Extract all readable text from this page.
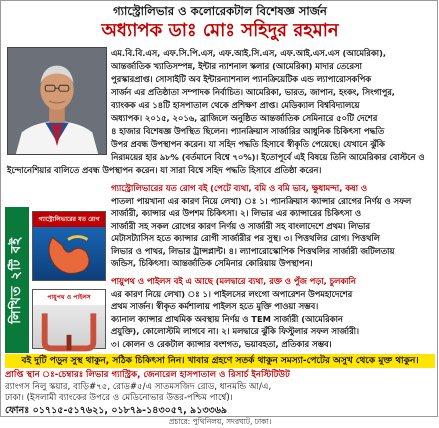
গ্যাস্ট্রোলিভার ও কলোরেকটাল বিশেষজ্ঞ সার্জন
অধ্যাপক ডাঃ মোঃ সহিদুর রহমান

এম.বি.বি.এস, এফ.সি.পি.এস, এফ.আই.সি.এস, এফ.আই.এস.এস (আমেরিকা),

আন্তর্জাতিক খ্যাতিসম্পন্ন, ইন্টার ন্যাশনাল স্কলার (আমেরিকা) মাদার তেরেসা

পুরস্কারপ্রাপ্ত। সোসাইটি অব ইন্টারন্যাশনাল প্যানক্রিয়েটিক এন্ড ল্যাপারোসকপিক

সার্জন এর প্রতিষ্ঠাতা সম্পাদক নির্বাচিত। আমেরিকা, ভারত, জাপান, হংকং, সিংগাপুর,

ব্যাংকক এর ১৪টি হাসপাতাল থেকে প্রশিক্ষণ প্রাপ্ত। মেডিক্যাল বিশ্ববিদ্যালয়ে

অধ্যাপক। ২০১৫, ২০১৬, ব্রাজিলে অনুষ্ঠিত আন্তর্জাতিক সেমিনারে ৫০টি দেশের

৪ হাজার বিশেষজ্ঞ উপস্থিত ছিলেন। প্যানক্রিয়াস সার্জারির আধুনিক চিকিৎসা পদ্ধতি

উপর প্রবন্ধ উপস্থাপন করেন। যা সহিদ পদ্ধতি হিসাবে স্বীকৃতি পেয়েছে। যেখানে ঝুঁকি

নিরাময়ের হার ৯৮% (বর্তমানে বিশ্বে ৭০%)। ইতোপূর্বে এই বিষয়ে তিনি আমেরিকার বোস্টনে ও

ইন্দোনেশিয়ার বালিতে প্রবন্ধ উপস্থাপন করেন। যা সারা বিশ্বে সহিদ পদ্ধতি হিসাবে প্রতিষ্ঠা করেন।

লিখিত ২টি বই
গ্যাস্ট্রোলিভারের যত রোগ
পায়ুপথ ও পাইলস

গ্যাস্ট্রোলিভারের যত রোগ বই (পেটে ব্যথা, বমি ও বমি ভাব, ক্ষুধামন্দা, কষা ও

পাতলা পায়খানা এর কারণ নিয়ে লেখা) ঃ ১। প্যানক্রিয়াস ক্যান্সার রোগের নির্ণয় ও সফল

সার্জারী, ক্যান্সার এর উপশম চিকিৎসা। ২। লিভার এর ক্যান্সারের চিকিৎসা ও

সার্জারী সহ সকল রোগের কারণ নির্ণয় ও সার্জারী সহ বাংলাদেশে প্রথম। লিভার

মেটাসট্যাসিস হতে ক্যান্সার রোগী সার্জারীর পর সুস্থ। ৩। পিত্তথলির রোগ। পিত্তথলি

লিভার ও পাথর, লিভার ট্রান্সপ্লান্ট। ৪। ল্যাপারোস্কোপিক পিত্তথলির সার্জারী জটিলতায়

জন্ডিস, চিকিৎসা। আন্তর্জাতিক সেমিনার কোরিয়ায় উপস্থাপন।

পায়ুপথ ও পাইলস বই এ আছে (মলদ্বারে ব্যথা, রক্ত ও পুঁজ পড়া, চুলকানি

এর কারণ নিয়ে লেখা) ঃ ১। পাইলসের লংগো অপারেশন উপমহাদেশের

প্রথম সার্জন। স্বীকৃত কর্মশালায় পাইলস হতে মুক্তি পাওয়া সম্ভব।

ক্যানাল ক্যান্সার প্রাথমিক অবস্থায় নির্ণয় ও TEM সার্জারী (আমেরিকান

প্রযুক্তি), কোলোস্টমি লাগবে না। ২। মলদ্বারে ঝুঁকি ফিস্টুলার সফল সার্জারী।

৩। কোলন ও রেকটাল ক্যান্সার বংশগত, ভয়াবহতা, প্রতিকার সম্ভব।

বই দুটি পড়ুন সুস্থ থাকুন, সঠিক চিকিৎসা নিন। খাবার গ্রহণে সতর্ক থাকুন সমস্যা-পেটের অসুখ থেকে মুক্ত থাকুন।

প্রাপ্তি স্থান ঃ-চেম্বারঃ লিভার গ্যাস্ট্রিক, জেনারেল হাসপাতাল ও রিসার্চ ইনস্টিটিউট

র‍্যাংগস নিলু স্কয়ার, বাড়ি#৭৫, রোড#৫/এ সাতমসজিদ রোড, ধানমন্ডি আ/এ,

ঢাকা। (ইসলামী ব্যাংকের উপরে ও মেডিনোভার উত্তর-পশ্চিম পার্শ্বে)।

ফোনঃ ০১৭১৫-৫১৭৬২১, ০১৮৭৯-১৪৩০৫৭, ৯১৩৩৬৯

প্রচারে: পুথিনিলয়, সদরঘাট, ঢাকা।
